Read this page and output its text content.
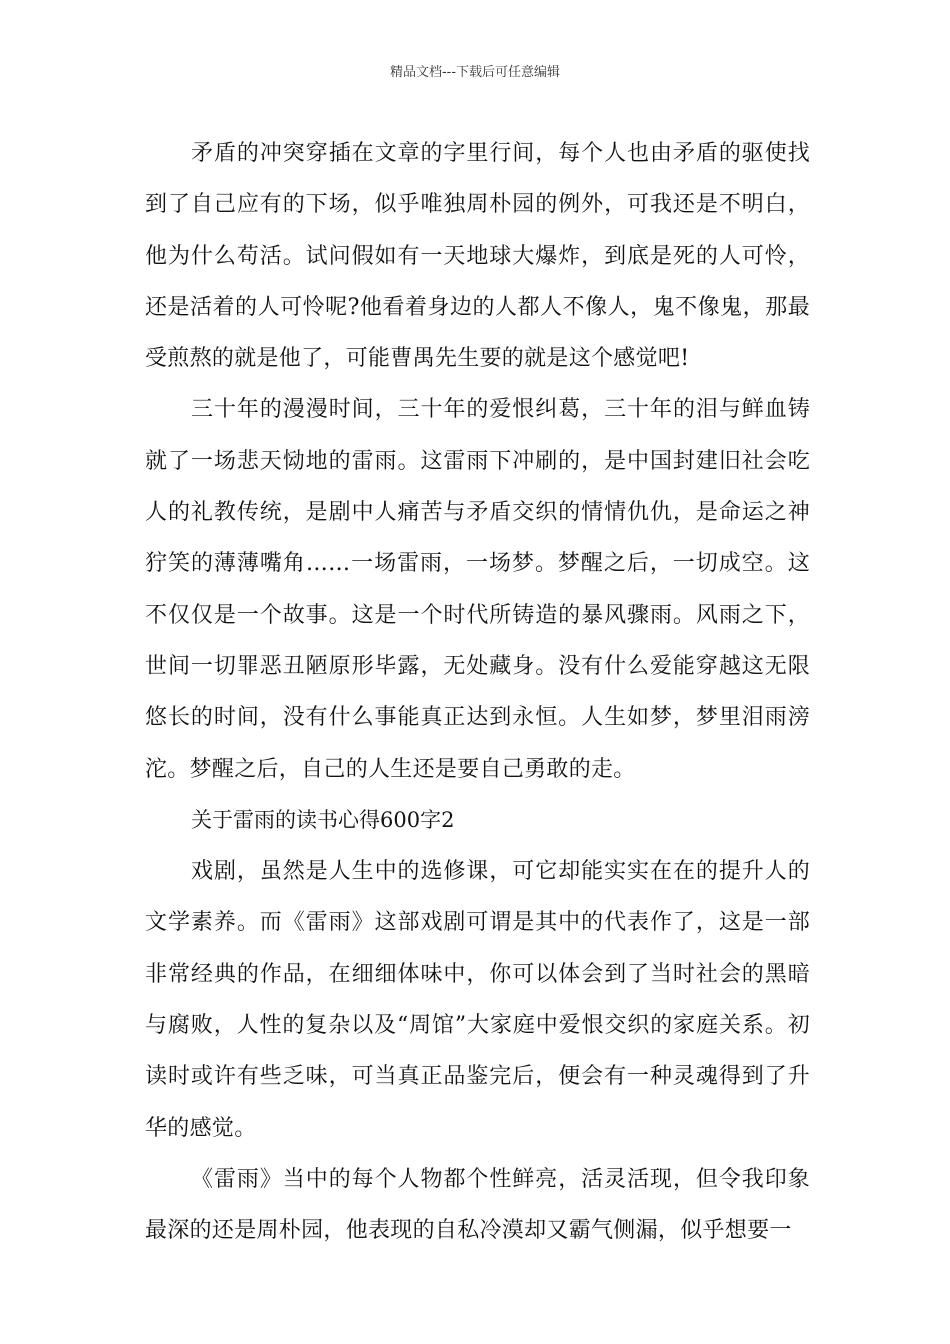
精品文档---下载后可任意编辑

矛盾的冲突穿插在文章的字里行间，每个人也由矛盾的驱使找到了自己应有的下场，似乎唯独周朴园的例外，可我还是不明白，他为什么苟活。试问假如有一天地球大爆炸，到底是死的人可怜，还是活着的人可怜呢?他看着身边的人都人不像人，鬼不像鬼，那最受煎熬的就是他了，可能曹禺先生要的就是这个感觉吧!

三十年的漫漫时间，三十年的爱恨纠葛，三十年的泪与鲜血铸就了一场悲天恸地的雷雨。这雷雨下冲刷的，是中国封建旧社会吃人的礼教传统，是剧中人痛苦与矛盾交织的情情仇仇，是命运之神狞笑的薄薄嘴角……一场雷雨，一场梦。梦醒之后，一切成空。这不仅仅是一个故事。这是一个时代所铸造的暴风骤雨。风雨之下，世间一切罪恶丑陋原形毕露，无处藏身。没有什么爱能穿越这无限悠长的时间，没有什么事能真正达到永恒。人生如梦，梦里泪雨滂沱。梦醒之后，自己的人生还是要自己勇敢的走。

关于雷雨的读书心得600字2

戏剧，虽然是人生中的选修课，可它却能实实在在的提升人的文学素养。而《雷雨》这部戏剧可谓是其中的代表作了，这是一部非常经典的作品，在细细体味中，你可以体会到了当时社会的黑暗与腐败，人性的复杂以及“周馆”大家庭中爱恨交织的家庭关系。初读时或许有些乏味，可当真正品鉴完后，便会有一种灵魂得到了升华的感觉。

《雷雨》当中的每个人物都个性鲜亮，活灵活现，但令我印象最深的还是周朴园，他表现的自私冷漠却又霸气侧漏，似乎想要一
